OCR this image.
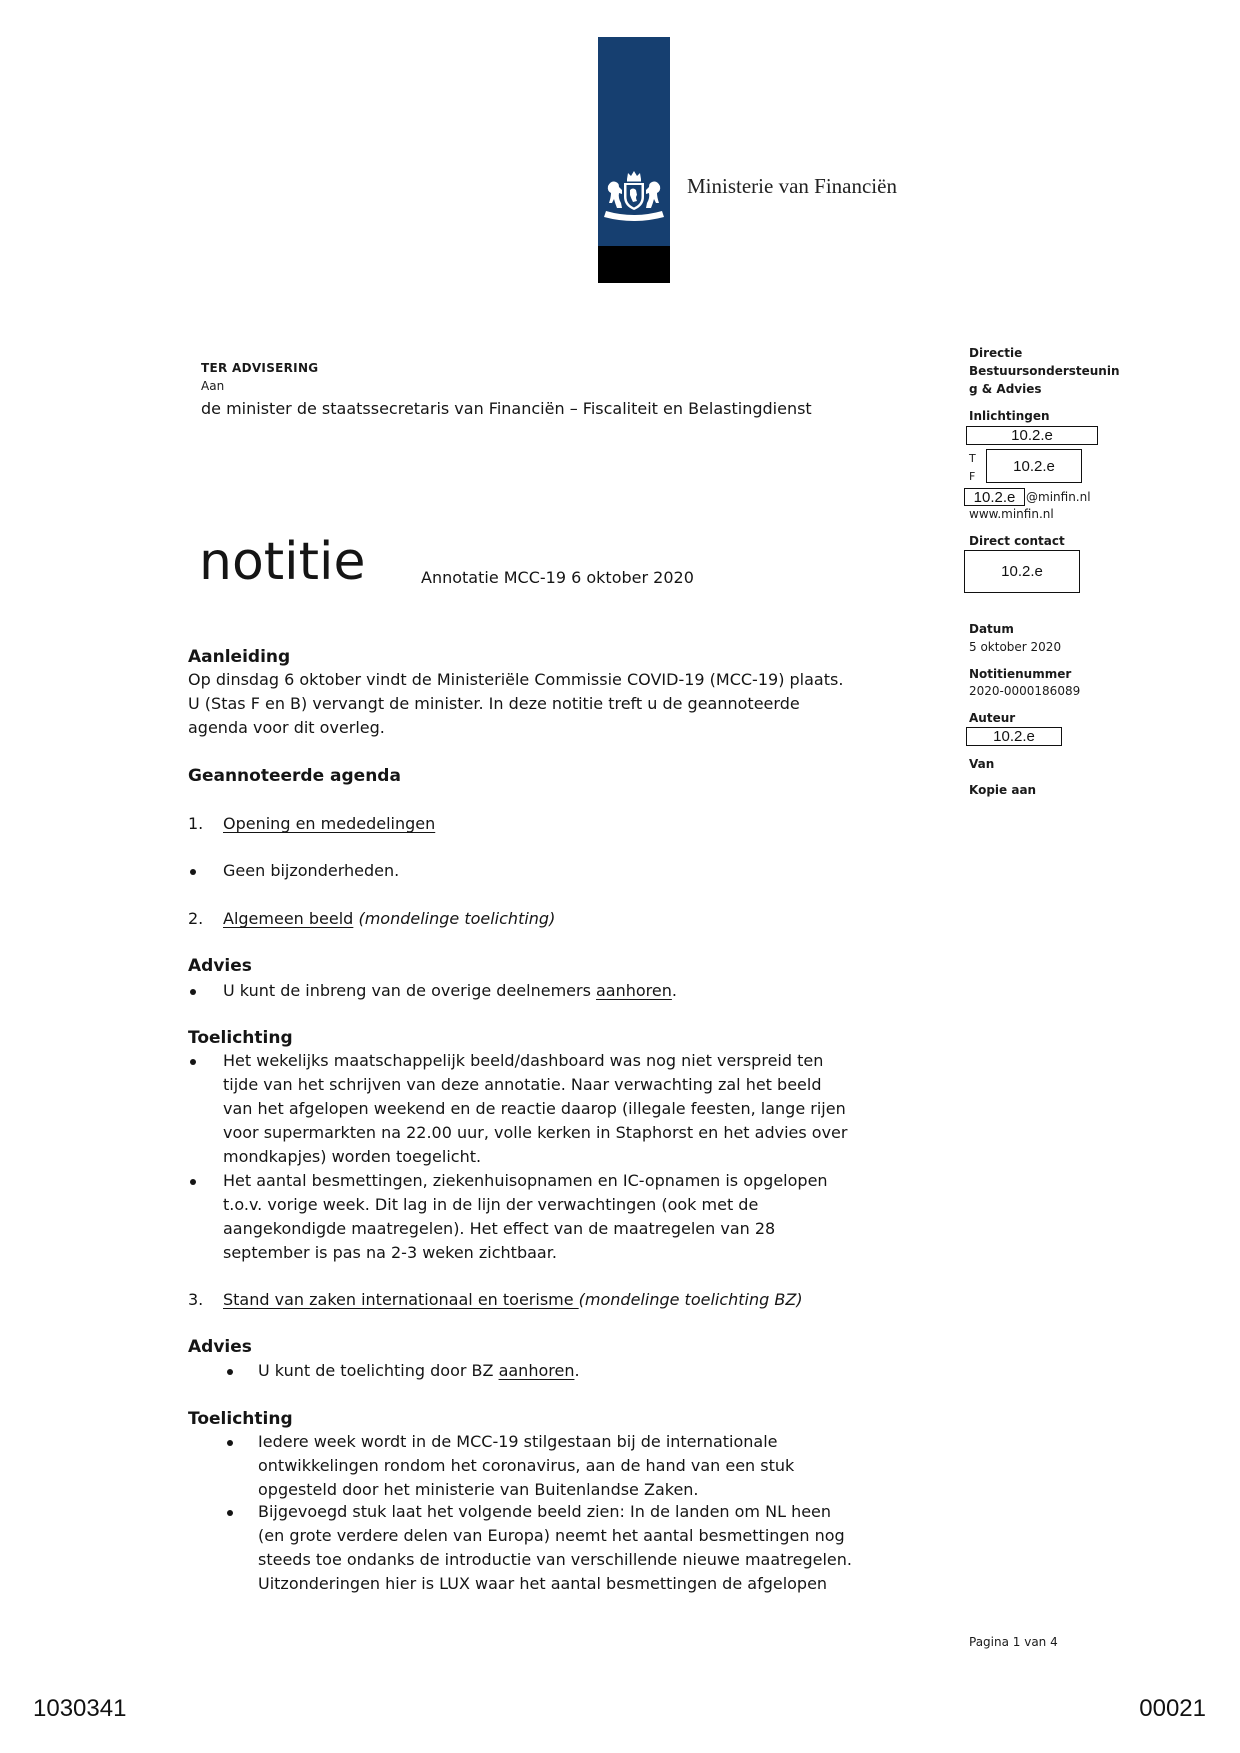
Ministerie van Financiën
TER ADVISERING
Aan
de minister de staatssecretaris van Financiën – Fiscaliteit en Belastingdienst
notitie	Annotatie MCC-19 6 oktober 2020
Directie
Bestuursondersteunin
g & Advies
Inlichtingen
10.2.e
T
F
10.2.e
10.2.e @minfin.nl
www.minfin.nl
Direct contact
10.2.e
Datum
5 oktober 2020
Notitienummer
2020-0000186089
Auteur
10.2.e
Van
Kopie aan
Aanleiding
Op dinsdag 6 oktober vindt de Ministeriële Commissie COVID-19 (MCC-19) plaats.
U (Stas F en B) vervangt de minister. In deze notitie treft u de geannoteerde
agenda voor dit overleg.
Geannoteerde agenda
1. Opening en mededelingen
Geen bijzonderheden.
2. Algemeen beeld (mondelinge toelichting)
Advies
U kunt de inbreng van de overige deelnemers aanhoren.
Toelichting
Het wekelijks maatschappelijk beeld/dashboard was nog niet verspreid ten
tijde van het schrijven van deze annotatie. Naar verwachting zal het beeld
van het afgelopen weekend en de reactie daarop (illegale feesten, lange rijen
voor supermarkten na 22.00 uur, volle kerken in Staphorst en het advies over
mondkapjes) worden toegelicht.
Het aantal besmettingen, ziekenhuisopnamen en IC-opnamen is opgelopen
t.o.v. vorige week. Dit lag in de lijn der verwachtingen (ook met de
aangekondigde maatregelen). Het effect van de maatregelen van 28
september is pas na 2-3 weken zichtbaar.
3. Stand van zaken internationaal en toerisme (mondelinge toelichting BZ)
Advies
U kunt de toelichting door BZ aanhoren.
Toelichting
Iedere week wordt in de MCC-19 stilgestaan bij de internationale
ontwikkelingen rondom het coronavirus, aan de hand van een stuk
opgesteld door het ministerie van Buitenlandse Zaken.
Bijgevoegd stuk laat het volgende beeld zien: In de landen om NL heen
(en grote verdere delen van Europa) neemt het aantal besmettingen nog
steeds toe ondanks de introductie van verschillende nieuwe maatregelen.
Uitzonderingen hier is LUX waar het aantal besmettingen de afgelopen
Pagina 1 van 4
1030341	00021
